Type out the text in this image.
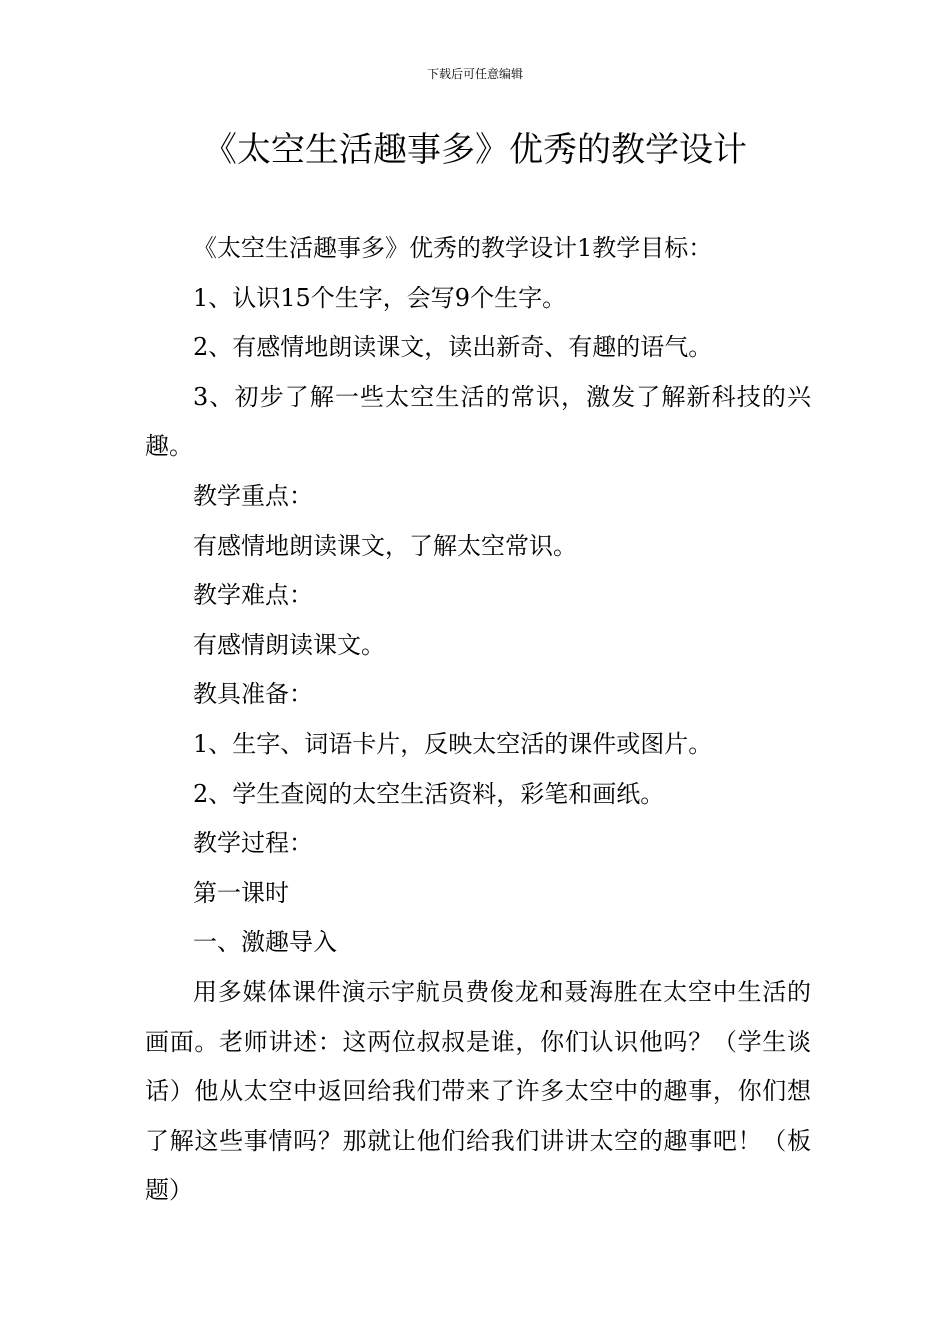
下载后可任意编辑
《太空生活趣事多》优秀的教学设计

《太空生活趣事多》优秀的教学设计1教学目标：

1、认识15个生字，会写9个生字。

2、有感情地朗读课文，读出新奇、有趣的语气。

3、初步了解一些太空生活的常识，激发了解新科技的兴趣。

教学重点：

有感情地朗读课文，了解太空常识。

教学难点：

有感情朗读课文。

教具准备：

1、生字、词语卡片，反映太空活的课件或图片。

2、学生查阅的太空生活资料，彩笔和画纸。

教学过程：

第一课时

一、激趣导入

用多媒体课件演示宇航员费俊龙和聂海胜在太空中生活的画面。老师讲述：这两位叔叔是谁，你们认识他吗？（学生谈话）他从太空中返回给我们带来了许多太空中的趣事，你们想了解这些事情吗？那就让他们给我们讲讲太空的趣事吧！（板题）
